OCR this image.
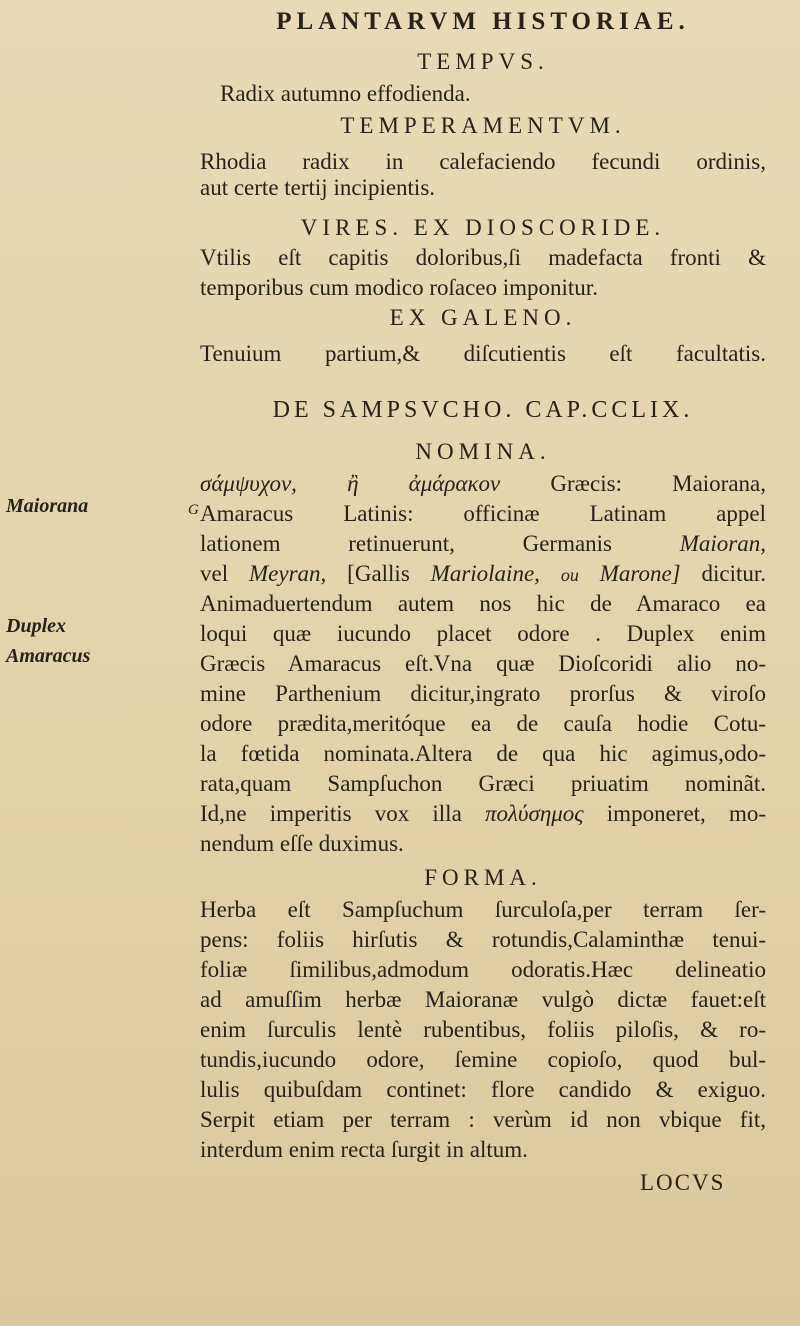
PLANTARVM HISTORIAE.
TEMPVS.
Radix autumno effodienda.
TEMPERAMENTVM.
Rhodia radix in calefaciendo fecundi ordinis,
aut certe tertij incipientis.
VIRES. EX DIOSCORIDE.
Vtilis eſt capitis doloribus,ſi madefacta fronti &
temporibus cum modico roſaceo imponitur.
EX GALENO.
Tenuium partium,& diſcutientis eſt facultatis.
DE SAMPSVCHO. CAP.CCLIX.
NOMINA.
σάμψυχον, ἢ ἀμάρακον Græcis: Maiorana,
Amaracus Latinis: officinæ Latinam appel
lationem retinuerunt, Germanis	Maioran,
vel Meyran, [Gallis Mariolaine, ou Marone] dicitur.
Animaduertendum autem nos hic de Amaraco ea
loqui quæ iucundo placet odore . Duplex enim
Græcis Amaracus eſt.Vna quæ Dioſcoridi alio no-
mine Parthenium dicitur,ingrato prorſus & viroſo
odore prædita,meritóque ea de cauſa hodie Cotu-
la fœtida nominata.Altera de qua hic agimus,odo-
rata,quam Sampſuchon Græci priuatim nominãt.
Id,ne imperitis vox illa πολύσημος imponeret, mo-
nendum eſſe duximus.
FORMA.
Herba eſt Sampſuchum ſurculoſa,per terram ſer-
pens: foliis hirſutis & rotundis,Calaminthæ tenui-
foliæ ſimilibus,admodum odoratis.Hæc delineatio
ad amuſſim herbæ Maioranæ vulgò dictæ fauet:eſt
enim ſurculis lentè rubentibus, foliis piloſis, & ro-
tundis,iucundo odore, ſemine copioſo, quod bul-
lulis quibuſdam continet: flore candido & exiguo.
Serpit etiam per terram : verùm id non vbique fit,
interdum enim recta ſurgit in altum.
Maiorana
Duplex
Amaracus
G
LOCVS
